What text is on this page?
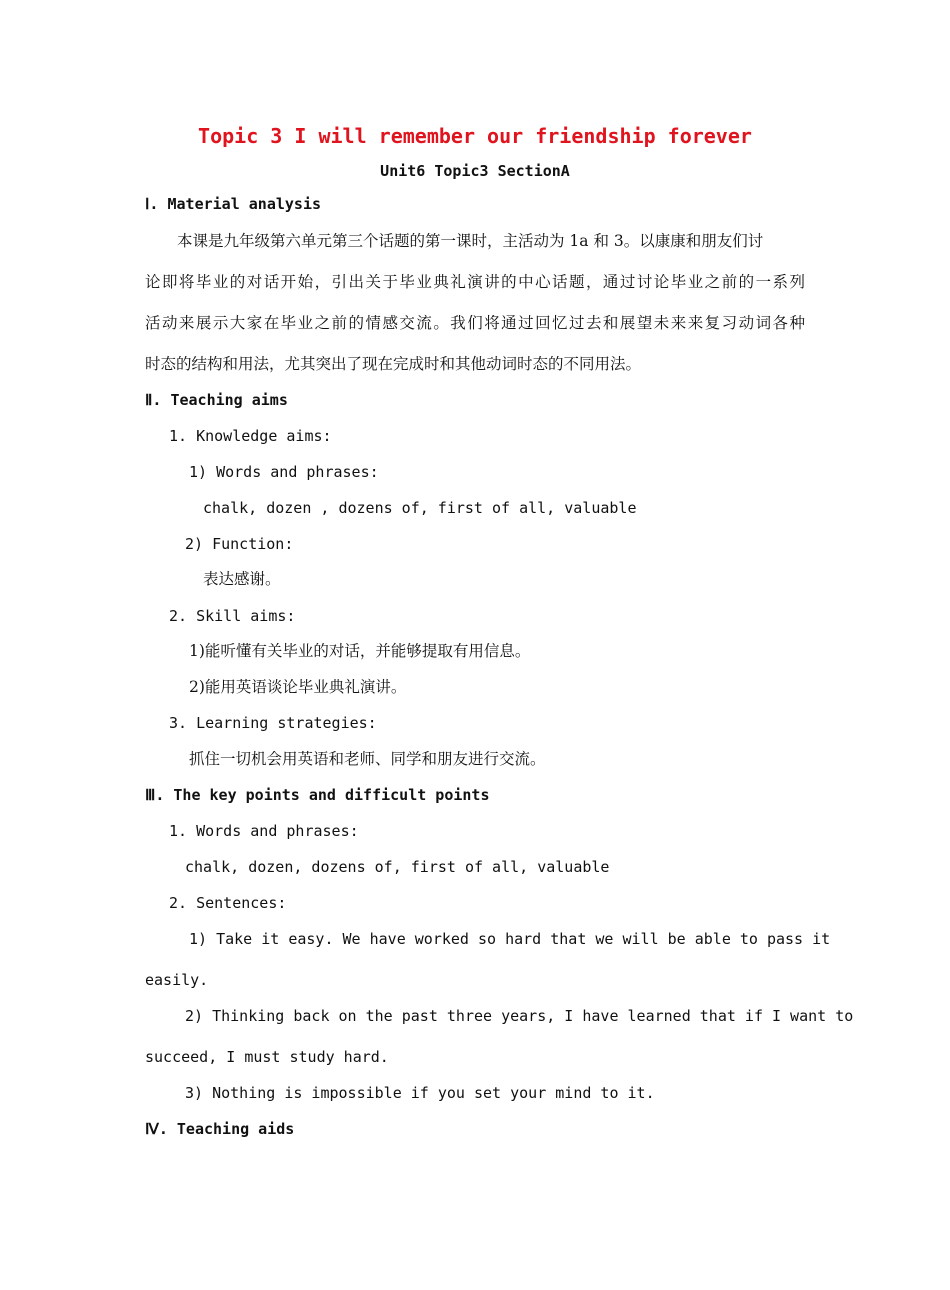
Topic 3 I will remember our friendship forever
Unit6 Topic3 SectionA
Ⅰ. Material analysis
本课是九年级第六单元第三个话题的第一课时，主活动为 1a 和 3。以康康和朋友们讨
论即将毕业的对话开始，引出关于毕业典礼演讲的中心话题，通过讨论毕业之前的一系列
活动来展示大家在毕业之前的情感交流。我们将通过回忆过去和展望未来来复习动词各种
时态的结构和用法，尤其突出了现在完成时和其他动词时态的不同用法。
Ⅱ. Teaching aims
1. Knowledge aims:
1) Words and phrases:
chalk, dozen , dozens of, first of all, valuable
2) Function:
表达感谢。
2. Skill aims:
1)能听懂有关毕业的对话，并能够提取有用信息。
2)能用英语谈论毕业典礼演讲。
3. Learning strategies:
抓住一切机会用英语和老师、同学和朋友进行交流。
Ⅲ. The key points and difficult points
1. Words and phrases:
chalk, dozen, dozens of, first of all, valuable
2. Sentences:
1) Take it easy. We have worked so hard that we will be able to pass it
easily.
2) Thinking back on the past three years, I have learned that if I want to
succeed, I must study hard.
3) Nothing is impossible if you set your mind to it.
Ⅳ. Teaching aids
